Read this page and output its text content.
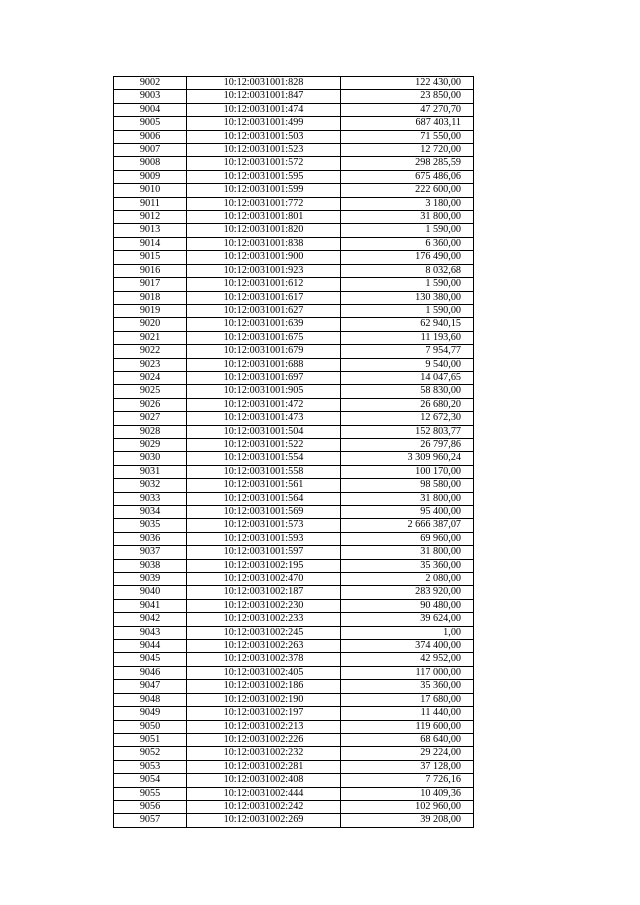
9002	10:12:0031001:828	122 430,00
9003	10:12:0031001:847	23 850,00
9004	10:12:0031001:474	47 270,70
9005	10:12:0031001:499	687 403,11
9006	10:12:0031001:503	71 550,00
9007	10:12:0031001:523	12 720,00
9008	10:12:0031001:572	298 285,59
9009	10:12:0031001:595	675 486,06
9010	10:12:0031001:599	222 600,00
9011	10:12:0031001:772	3 180,00
9012	10:12:0031001:801	31 800,00
9013	10:12:0031001:820	1 590,00
9014	10:12:0031001:838	6 360,00
9015	10:12:0031001:900	176 490,00
9016	10:12:0031001:923	8 032,68
9017	10:12:0031001:612	1 590,00
9018	10:12:0031001:617	130 380,00
9019	10:12:0031001:627	1 590,00
9020	10:12:0031001:639	62 940,15
9021	10:12:0031001:675	11 193,60
9022	10:12:0031001:679	7 954,77
9023	10:12:0031001:688	9 540,00
9024	10:12:0031001:697	14 047,65
9025	10:12:0031001:905	58 830,00
9026	10:12:0031001:472	26 680,20
9027	10:12:0031001:473	12 672,30
9028	10:12:0031001:504	152 803,77
9029	10:12:0031001:522	26 797,86
9030	10:12:0031001:554	3 309 960,24
9031	10:12:0031001:558	100 170,00
9032	10:12:0031001:561	98 580,00
9033	10:12:0031001:564	31 800,00
9034	10:12:0031001:569	95 400,00
9035	10:12:0031001:573	2 666 387,07
9036	10:12:0031001:593	69 960,00
9037	10:12:0031001:597	31 800,00
9038	10:12:0031002:195	35 360,00
9039	10:12:0031002:470	2 080,00
9040	10:12:0031002:187	283 920,00
9041	10:12:0031002:230	90 480,00
9042	10:12:0031002:233	39 624,00
9043	10:12:0031002:245	1,00
9044	10:12:0031002:263	374 400,00
9045	10:12:0031002:378	42 952,00
9046	10:12:0031002:405	117 000,00
9047	10:12:0031002:186	35 360,00
9048	10:12:0031002:190	17 680,00
9049	10:12:0031002:197	11 440,00
9050	10:12:0031002:213	119 600,00
9051	10:12:0031002:226	68 640,00
9052	10:12:0031002:232	29 224,00
9053	10:12:0031002:281	37 128,00
9054	10:12:0031002:408	7 726,16
9055	10:12:0031002:444	10 409,36
9056	10:12:0031002:242	102 960,00
9057	10:12:0031002:269	39 208,00
